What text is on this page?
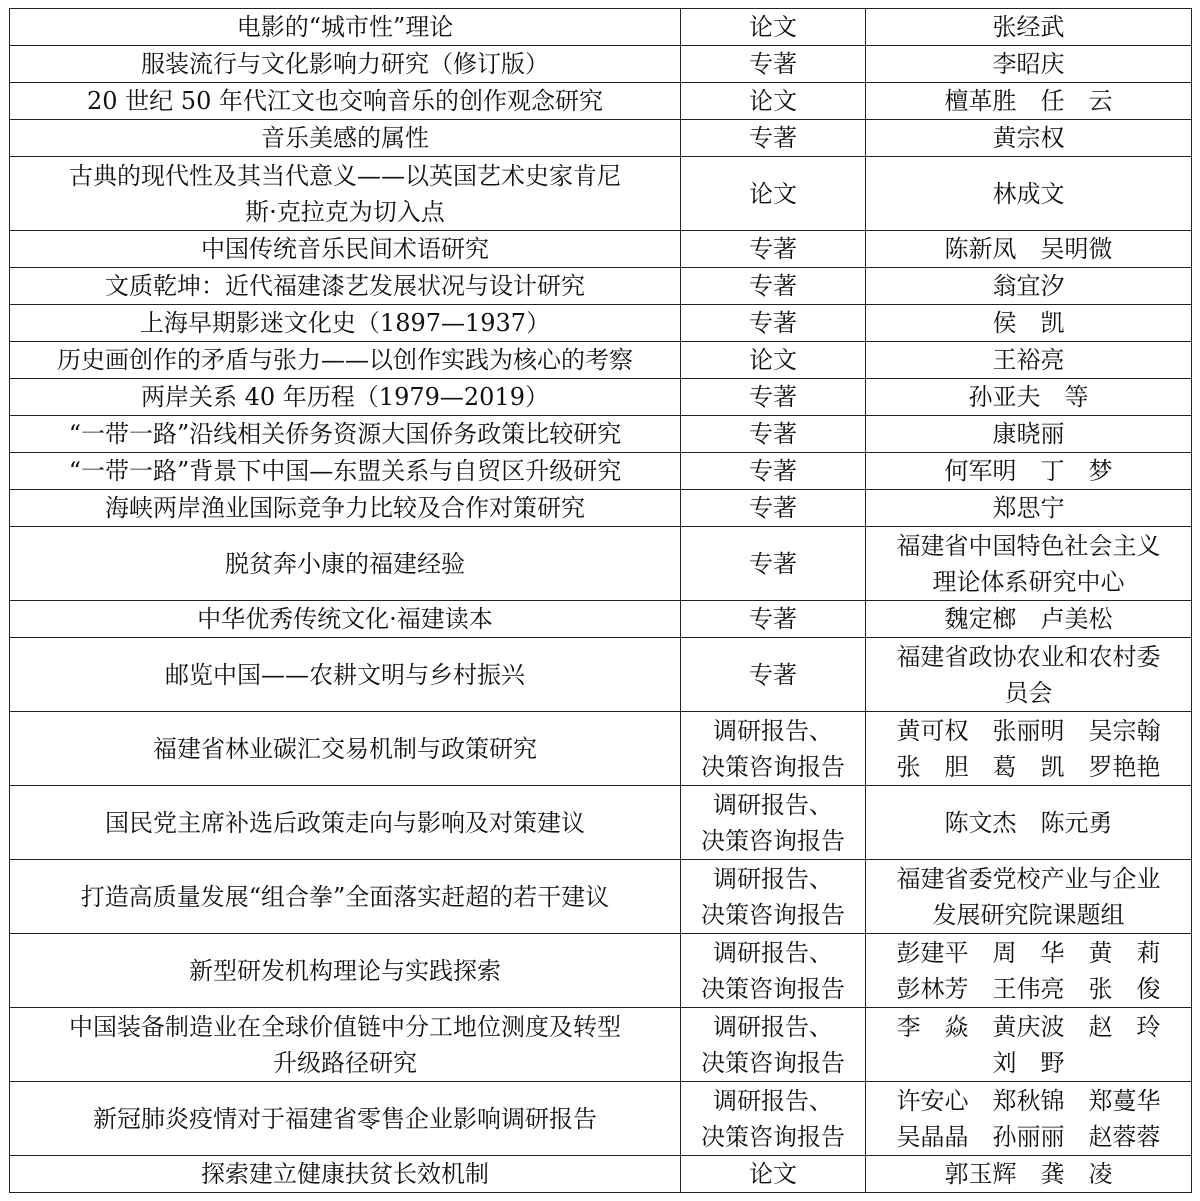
电影的“城市性”理论	论文	张经武
服装流行与文化影响力研究（修订版）	专著	李昭庆
20 世纪 50 年代江文也交响音乐的创作观念研究	论文	檀革胜　任　云
音乐美感的属性	专著	黄宗权
古典的现代性及其当代意义——以英国艺术史家肯尼
斯·克拉克为切入点	论文	林成文
中国传统音乐民间术语研究	专著	陈新凤　吴明微
文质乾坤：近代福建漆艺发展状况与设计研究	专著	翁宜汐
上海早期影迷文化史（1897—1937）	专著	侯　凯
历史画创作的矛盾与张力——以创作实践为核心的考察	论文	王裕亮
两岸关系 40 年历程（1979—2019）	专著	孙亚夫　等
“一带一路”沿线相关侨务资源大国侨务政策比较研究	专著	康晓丽
“一带一路”背景下中国—东盟关系与自贸区升级研究	专著	何军明　丁　梦
海峡两岸渔业国际竞争力比较及合作对策研究	专著	郑思宁
脱贫奔小康的福建经验	专著	福建省中国特色社会主义
理论体系研究中心
中华优秀传统文化·福建读本	专著	魏定榔　卢美松
邮览中国——农耕文明与乡村振兴	专著	福建省政协农业和农村委
员会
福建省林业碳汇交易机制与政策研究	调研报告、
决策咨询报告	黄可权　张丽明　吴宗翰
张　胆　葛　凯　罗艳艳
国民党主席补选后政策走向与影响及对策建议	调研报告、
决策咨询报告	陈文杰　陈元勇
打造高质量发展“组合拳”全面落实赶超的若干建议	调研报告、
决策咨询报告	福建省委党校产业与企业
发展研究院课题组
新型研发机构理论与实践探索	调研报告、
决策咨询报告	彭建平　周　华　黄　莉
彭林芳　王伟亮　张　俊
中国装备制造业在全球价值链中分工地位测度及转型
升级路径研究	调研报告、
决策咨询报告	李　焱　黄庆波　赵　玲
刘　野
新冠肺炎疫情对于福建省零售企业影响调研报告	调研报告、
决策咨询报告	许安心　郑秋锦　郑蔓华
吴晶晶　孙丽丽　赵蓉蓉
探索建立健康扶贫长效机制	论文	郭玉辉　龚　凌
